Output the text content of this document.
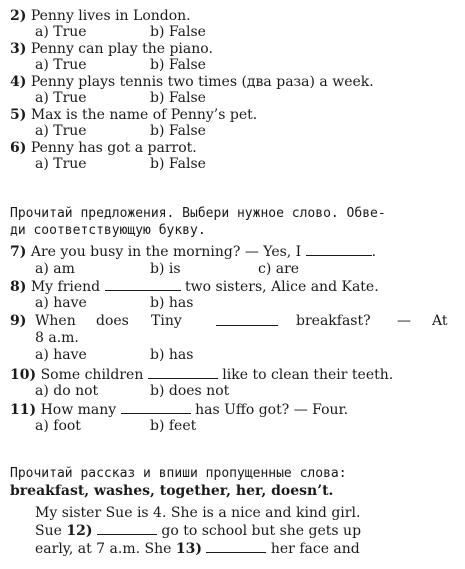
2) Penny lives in London.
a) True	b) False
3) Penny can play the piano.
a) True	b) False
4) Penny plays tennis two times (два раза) a week.
a) True	b) False
5) Max is the name of Penny’s pet.
a) True	b) False
6) Penny has got a parrot.
a) True	b) False
Прочитай предложения. Выбери нужное слово. Обве-
ди соответствующую букву.
7) Are you busy in the morning? — Yes, I	.
a) am	b) is	c) are
8) My friend	two sisters, Alice and Kate.
a) have	b) has
9) When does Tiny	breakfast? — At
8 a.m.
a) have	b) has
10) Some children	like to clean their teeth.
a) do not	b) does not
11) How many	has Uffo got? — Four.
a) foot	b) feet
Прочитай рассказ и впиши пропущенные слова:
breakfast, washes, together, her, doesn’t.
My sister Sue is 4. She is a nice and kind girl.
Sue 12)	go to school but she gets up
early, at 7 a.m. She 13)	her face and
